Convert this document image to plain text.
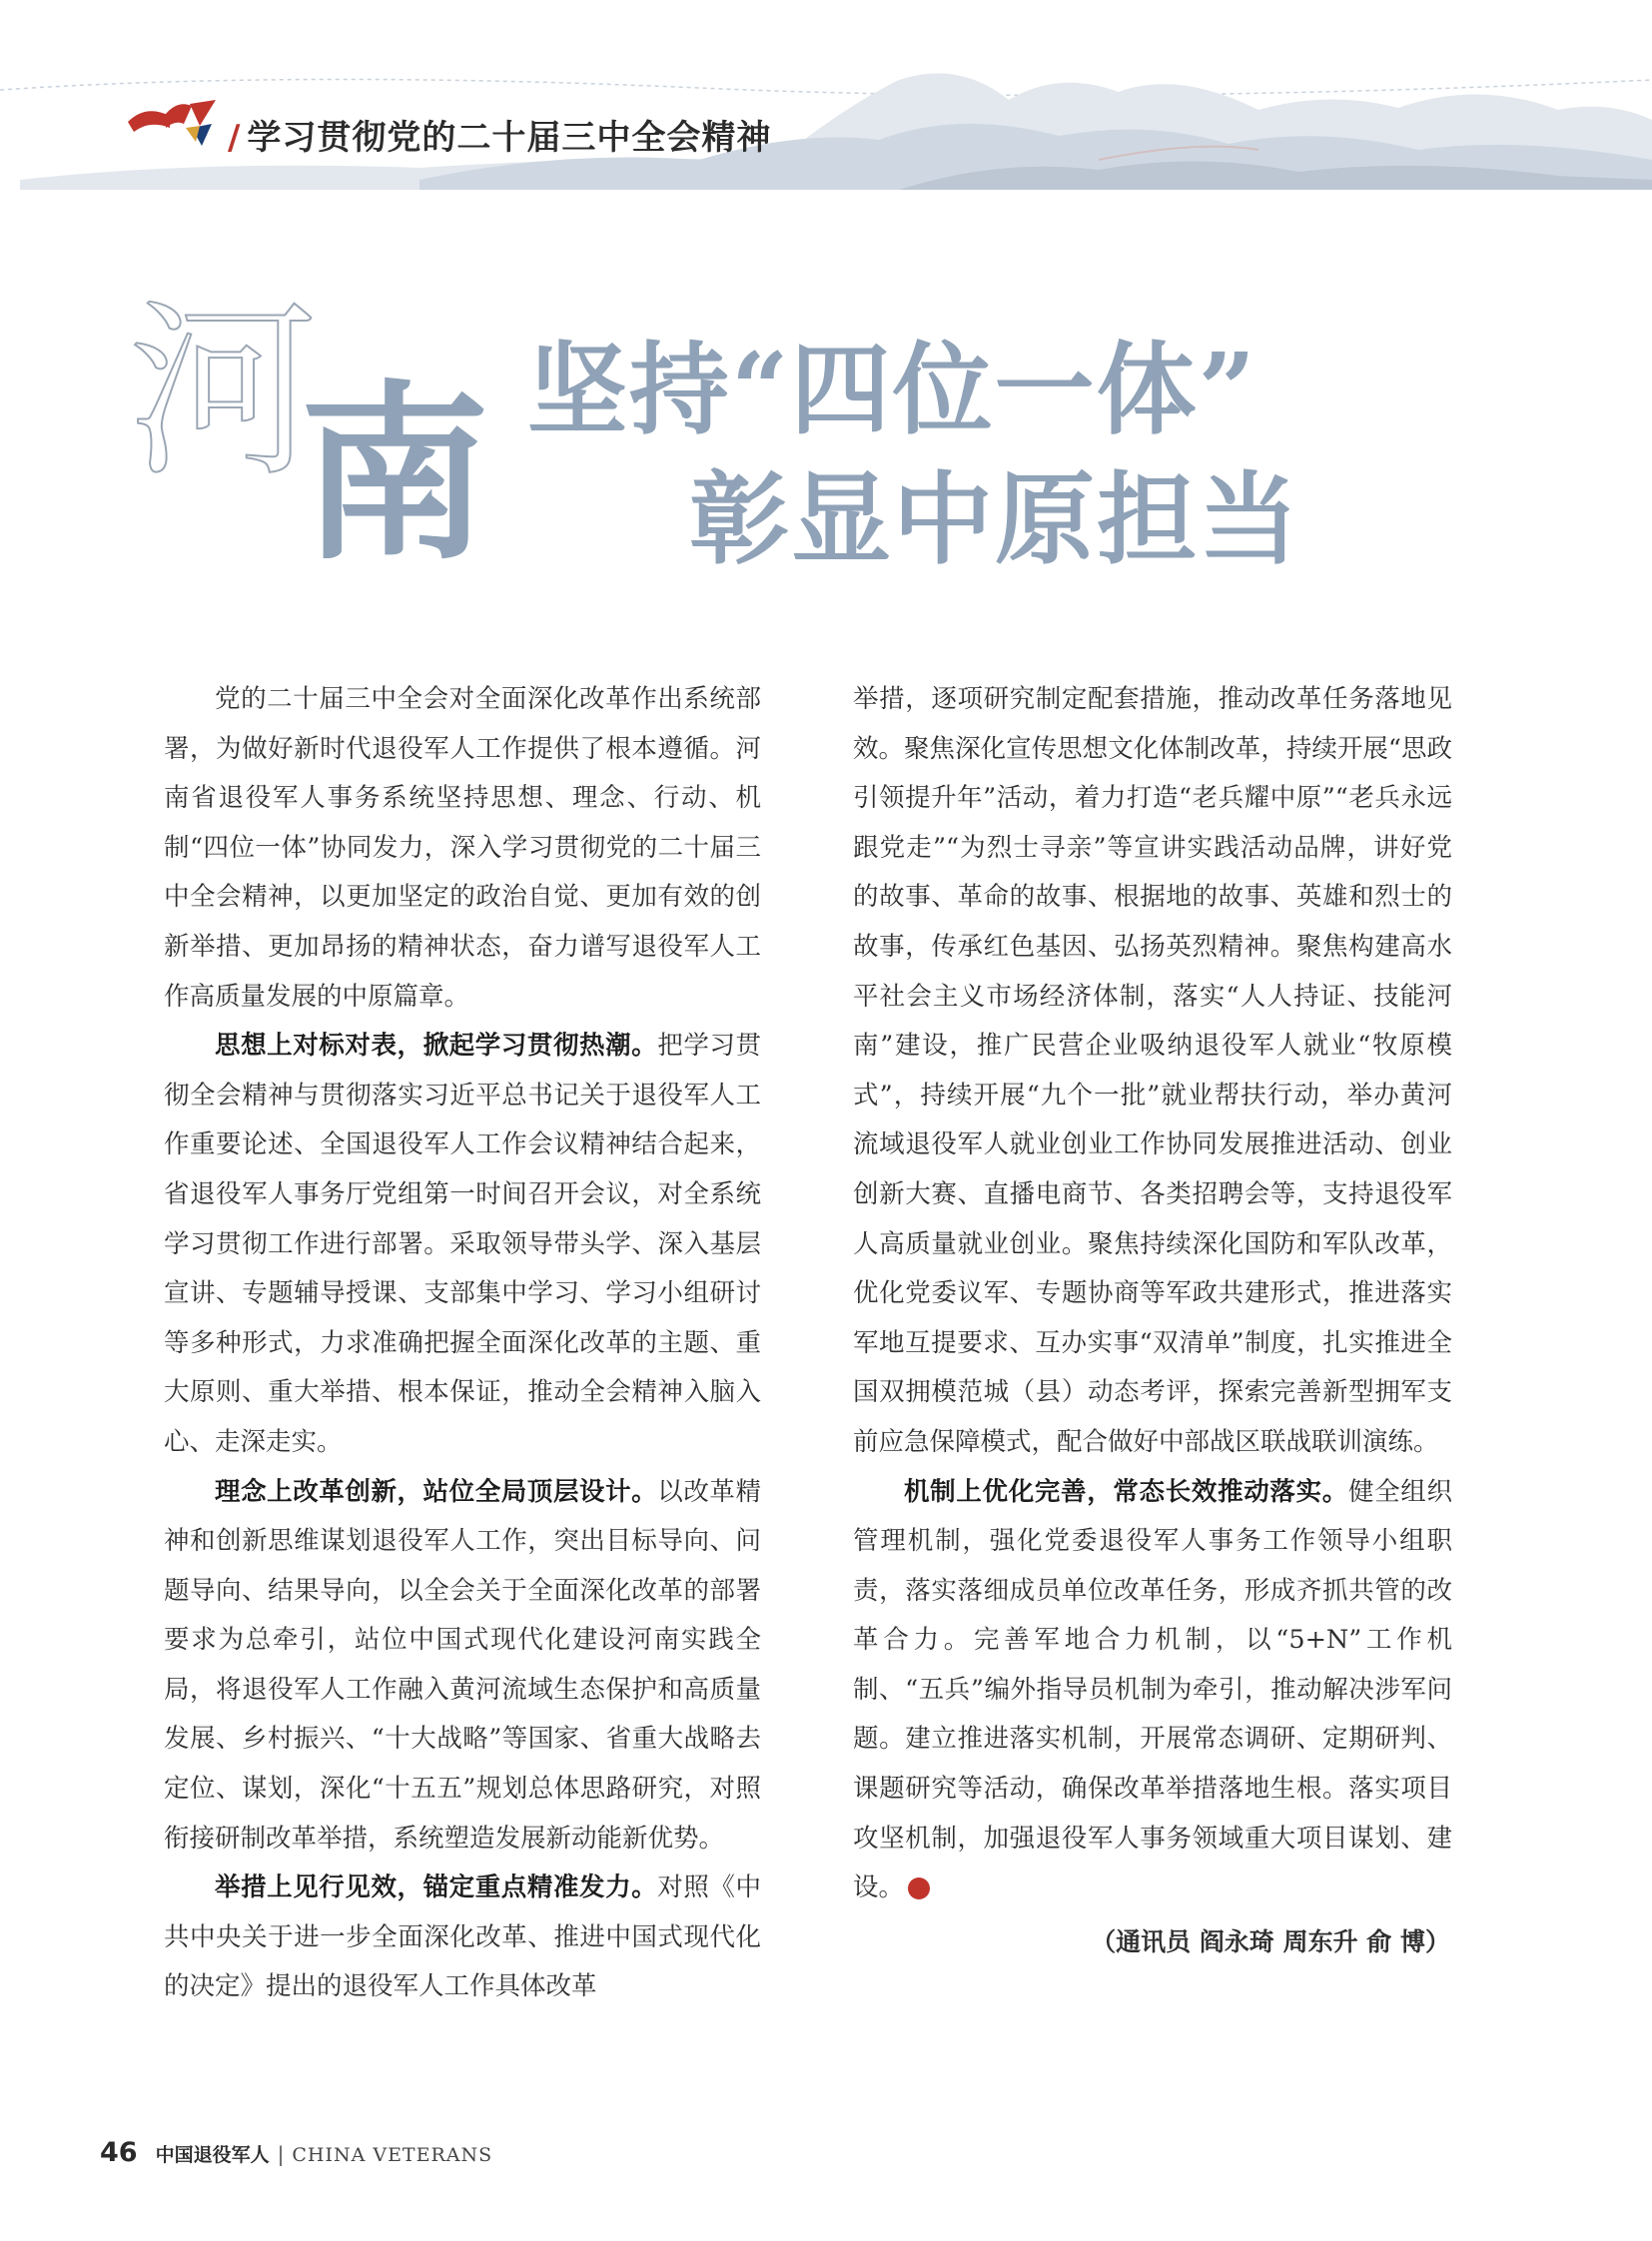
/ 学习贯彻党的二十届三中全会精神
河
南 坚持“四位一体”
彰显中原担当

党的二十届三中全会对全面深化改革作出系统部署，为做好新时代退役军人工作提供了根本遵循。河南省退役军人事务系统坚持思想、理念、行动、机制“四位一体”协同发力，深入学习贯彻党的二十届三中全会精神，以更加坚定的政治自觉、更加有效的创新举措、更加昂扬的精神状态，奋力谱写退役军人工作高质量发展的中原篇章。

思想上对标对表，掀起学习贯彻热潮。把学习贯彻全会精神与贯彻落实习近平总书记关于退役军人工作重要论述、全国退役军人工作会议精神结合起来，省退役军人事务厅党组第一时间召开会议，对全系统学习贯彻工作进行部署。采取领导带头学、深入基层宣讲、专题辅导授课、支部集中学习、学习小组研讨等多种形式，力求准确把握全面深化改革的主题、重大原则、重大举措、根本保证，推动全会精神入脑入心、走深走实。

理念上改革创新，站位全局顶层设计。以改革精神和创新思维谋划退役军人工作，突出目标导向、问题导向、结果导向，以全会关于全面深化改革的部署要求为总牵引，站位中国式现代化建设河南实践全局，将退役军人工作融入黄河流域生态保护和高质量发展、乡村振兴、“十大战略”等国家、省重大战略去定位、谋划，深化“十五五”规划总体思路研究，对照衔接研制改革举措，系统塑造发展新动能新优势。

举措上见行见效，锚定重点精准发力。对照《中共中央关于进一步全面深化改革、推进中国式现代化的决定》提出的退役军人工作具体改革

举措，逐项研究制定配套措施，推动改革任务落地见效。聚焦深化宣传思想文化体制改革，持续开展“思政引领提升年”活动，着力打造“老兵耀中原”“老兵永远跟党走”“为烈士寻亲”等宣讲实践活动品牌，讲好党的故事、革命的故事、根据地的故事、英雄和烈士的故事，传承红色基因、弘扬英烈精神。聚焦构建高水平社会主义市场经济体制，落实“人人持证、技能河南”建设，推广民营企业吸纳退役军人就业“牧原模式”，持续开展“九个一批”就业帮扶行动，举办黄河流域退役军人就业创业工作协同发展推进活动、创业创新大赛、直播电商节、各类招聘会等，支持退役军人高质量就业创业。聚焦持续深化国防和军队改革，优化党委议军、专题协商等军政共建形式，推进落实军地互提要求、互办实事“双清单”制度，扎实推进全国双拥模范城（县）动态考评，探索完善新型拥军支前应急保障模式，配合做好中部战区联战联训演练。

机制上优化完善，常态长效推动落实。健全组织管理机制，强化党委退役军人事务工作领导小组职责，落实落细成员单位改革任务，形成齐抓共管的改革合力。完善军地合力机制，以“5+N”工作机制、“五兵”编外指导员机制为牵引，推动解决涉军问题。建立推进落实机制，开展常态调研、定期研判、课题研究等活动，确保改革举措落地生根。落实项目攻坚机制，加强退役军人事务领域重大项目谋划、建设。	V

（通讯员 阎永琦 周东升 俞 博）
46 中国退役军人 | CHINA VETERANS
